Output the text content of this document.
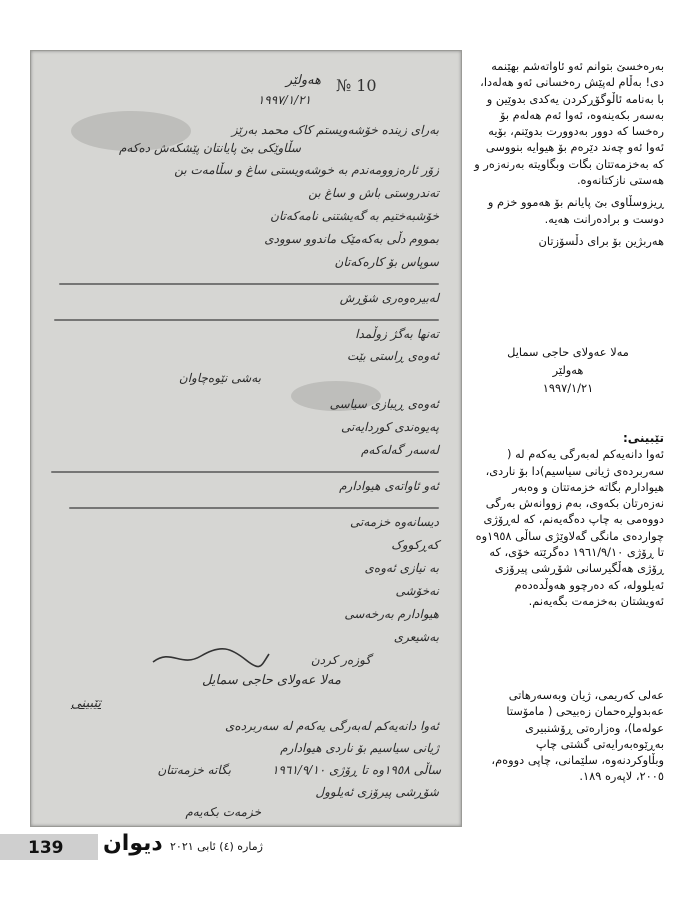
هەولێر № 10
١٩٩٧/١/٢١
بەرای زیندە خۆشەویستم کاک محمد بەرێز
سڵاوێکی بێ پایانتان پێشکەش دەکەم
زۆر ئارەزوومەندم بە خوشەویستی ساغ و سڵامەت بن
تەندروستی باش و ساغ بن
خۆشبەختیم بە گەیشتنی نامەکەتان
بمووم دڵی بەکەمێک ماندوو سوودی
سوپاس بۆ کارەکەتان
لەبیرەوەری شۆڕش
تەنها بەگژ زوڵمدا
ئەوەی ڕاستی بێت
بەشی نێوەچاوان
ئەوەی ڕیبازی سیاسی
پەیوەندی کوردایەتی
لەسەر گەلەکەم
ئەو ئاواتەی هیوادارم
دیسانەوە خزمەتی
کەڕکووک
بە نیازی ئەوەی
نەخۆشی
هیوادارم بەرخەسی
بەشیعری
گوزەر کردن
مەلا عەولای حاجی سمایل
تێبینی
ئەوا دانەیەکم لەبەرگی یەکەم لە سەربردەی
ژیانی سیاسیم بۆ ناردی هیوادارم
بگاتە خزمەتتان	ساڵی ١٩٥٨وە تا ڕۆژی ١٩٦١/٩/١٠
شۆڕشی پیرۆزی ئەیلوول
خزمەت بکەیەم

بەرەخسێ بتوانم ئەو ئاواتەشم بهێنمە دی! بەڵام لەپێش رەخسانی ئەو هەلەدا، با بەنامە ئاڵوگۆڕکردن یەکدی بدوێین و بەسەر بکەینەوە، ئەوا ئەم هەلەم بۆ رەخسا کە دوور بەدوورت بدوێنم، بۆیە ئەوا ئەو چەند دێرەم بۆ هیوایە بنووسی کە بەخزمەتتان بگات وبگاویتە بەرنەزەر و هەستی نازکتانەوە.

ڕیزوسڵاوی بێ پایانم بۆ هەموو خزم و دوست و برادەرانت هەیە.

هەربژین بۆ برای دڵسۆزتان

مەلا عەولای حاجی سمایل
هەولێر
١٩٩٧/١/٢١
تێبینی:

ئەوا دانەیەکم لەبەرگی یەکەم لە ( سەربردەی ژیانی سیاسیم)دا بۆ ناردی، هیوادارم بگاتە خزمەتتان و وەبەر نەزەرتان بکەوی، بەم زووانەش بەرگی دووەمی بە چاپ دەگەیەنم، کە لەڕۆژی چواردەی مانگی گەلاوێژی ساڵی ١٩٥٨وە تا ڕۆژی ١٩٦١/٩/١٠ دەگرێتە خۆی، کە ڕۆژی هەڵگیرسانی شۆڕشی پیرۆزی ئەیلوولە، کە دەرچوو هەوڵدەدەم ئەویشتان بەخزمەت بگەیەنم.

عەلی کەریمی، ژیان وبەسەرهاتی عەبدولڕەحمان زەبیحی ( مامۆستا عولەما)، وەزارەتی ڕۆشنبیری بەڕێوەبەرایەتی گشتی چاپ وبڵاوکردنەوە، سلێمانی، چاپی دووەم، ٢٠٠٥، لاپەرە ١٨٩.

139 دیوان ژمارە (٤) ئابی ٢٠٢١
